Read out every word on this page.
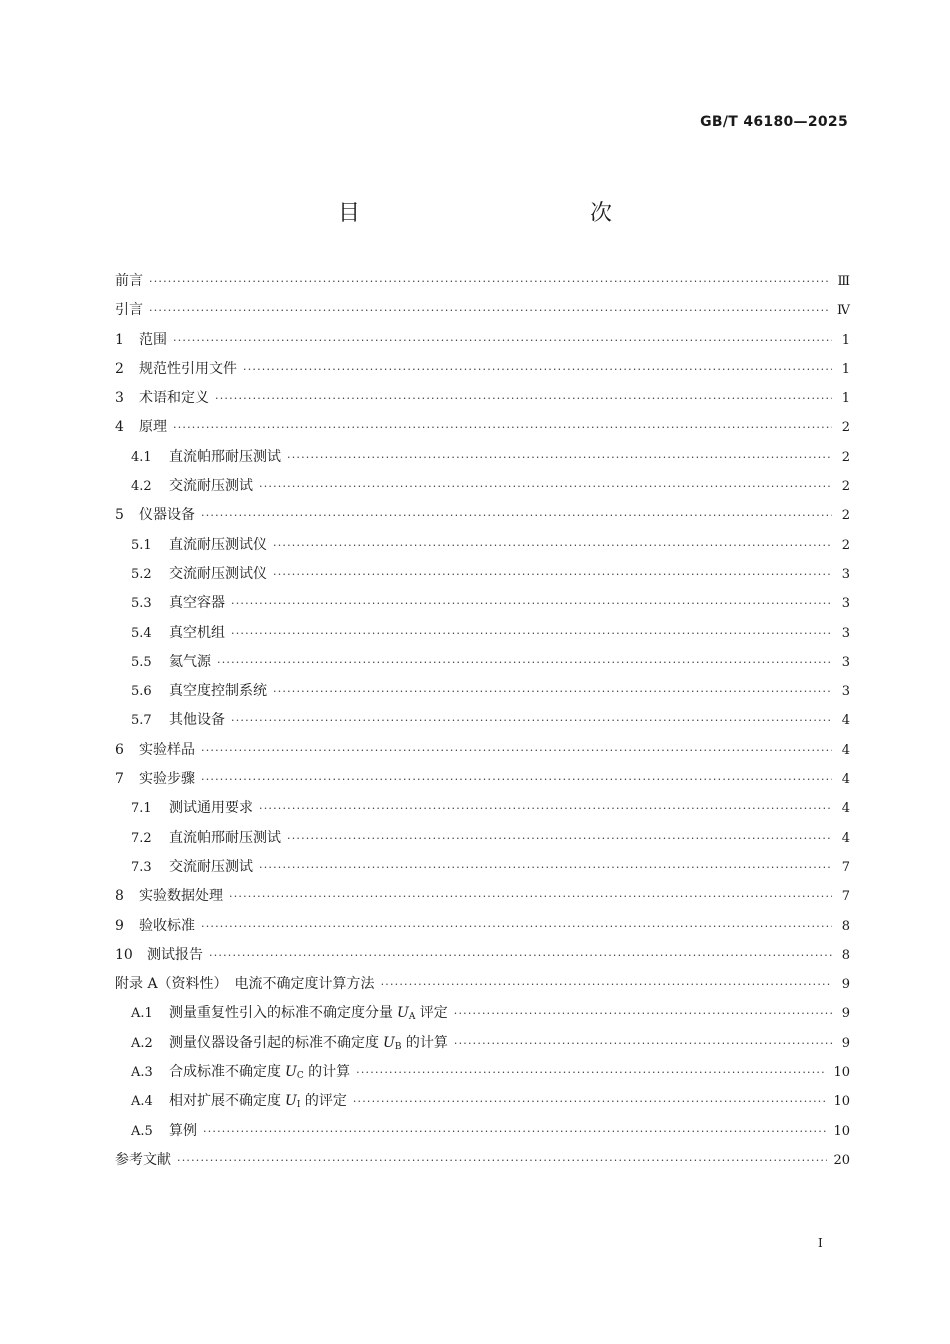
GB/T 46180—2025
目　　次
前言 ·····	Ⅲ
引言 ·····	Ⅳ
1	范围 ·····	1
2	规范性引用文件 ·····	1
3	术语和定义 ·····	1
4	原理 ·····	2
4.1	直流帕邢耐压测试 ·····	2
4.2	交流耐压测试 ·····	2
5	仪器设备 ·····	2
5.1	直流耐压测试仪 ·····	2
5.2	交流耐压测试仪 ·····	3
5.3	真空容器 ·····	3
5.4	真空机组 ·····	3
5.5	氦气源 ·····	3
5.6	真空度控制系统 ·····	3
5.7	其他设备 ·····	4
6	实验样品 ·····	4
7	实验步骤 ·····	4
7.1	测试通用要求 ·····	4
7.2	直流帕邢耐压测试 ·····	4
7.3	交流耐压测试 ·····	7
8	实验数据处理 ·····	7
9	验收标准 ·····	8
10	测试报告 ·····	8
附录 A（资料性）　电流不确定度计算方法 ·····	9
A.1	测量重复性引入的标准不确定度分量 $U_A$ 评定 ·····	9
A.2	测量仪器设备引起的标准不确定度 $U_B$ 的计算 ·····	9
A.3	合成标准不确定度 $U_C$ 的计算 ·····	10
A.4	相对扩展不确定度 $U_I$ 的评定 ·····	10
A.5	算例 ·····	10
参考文献 ·····	20
I
